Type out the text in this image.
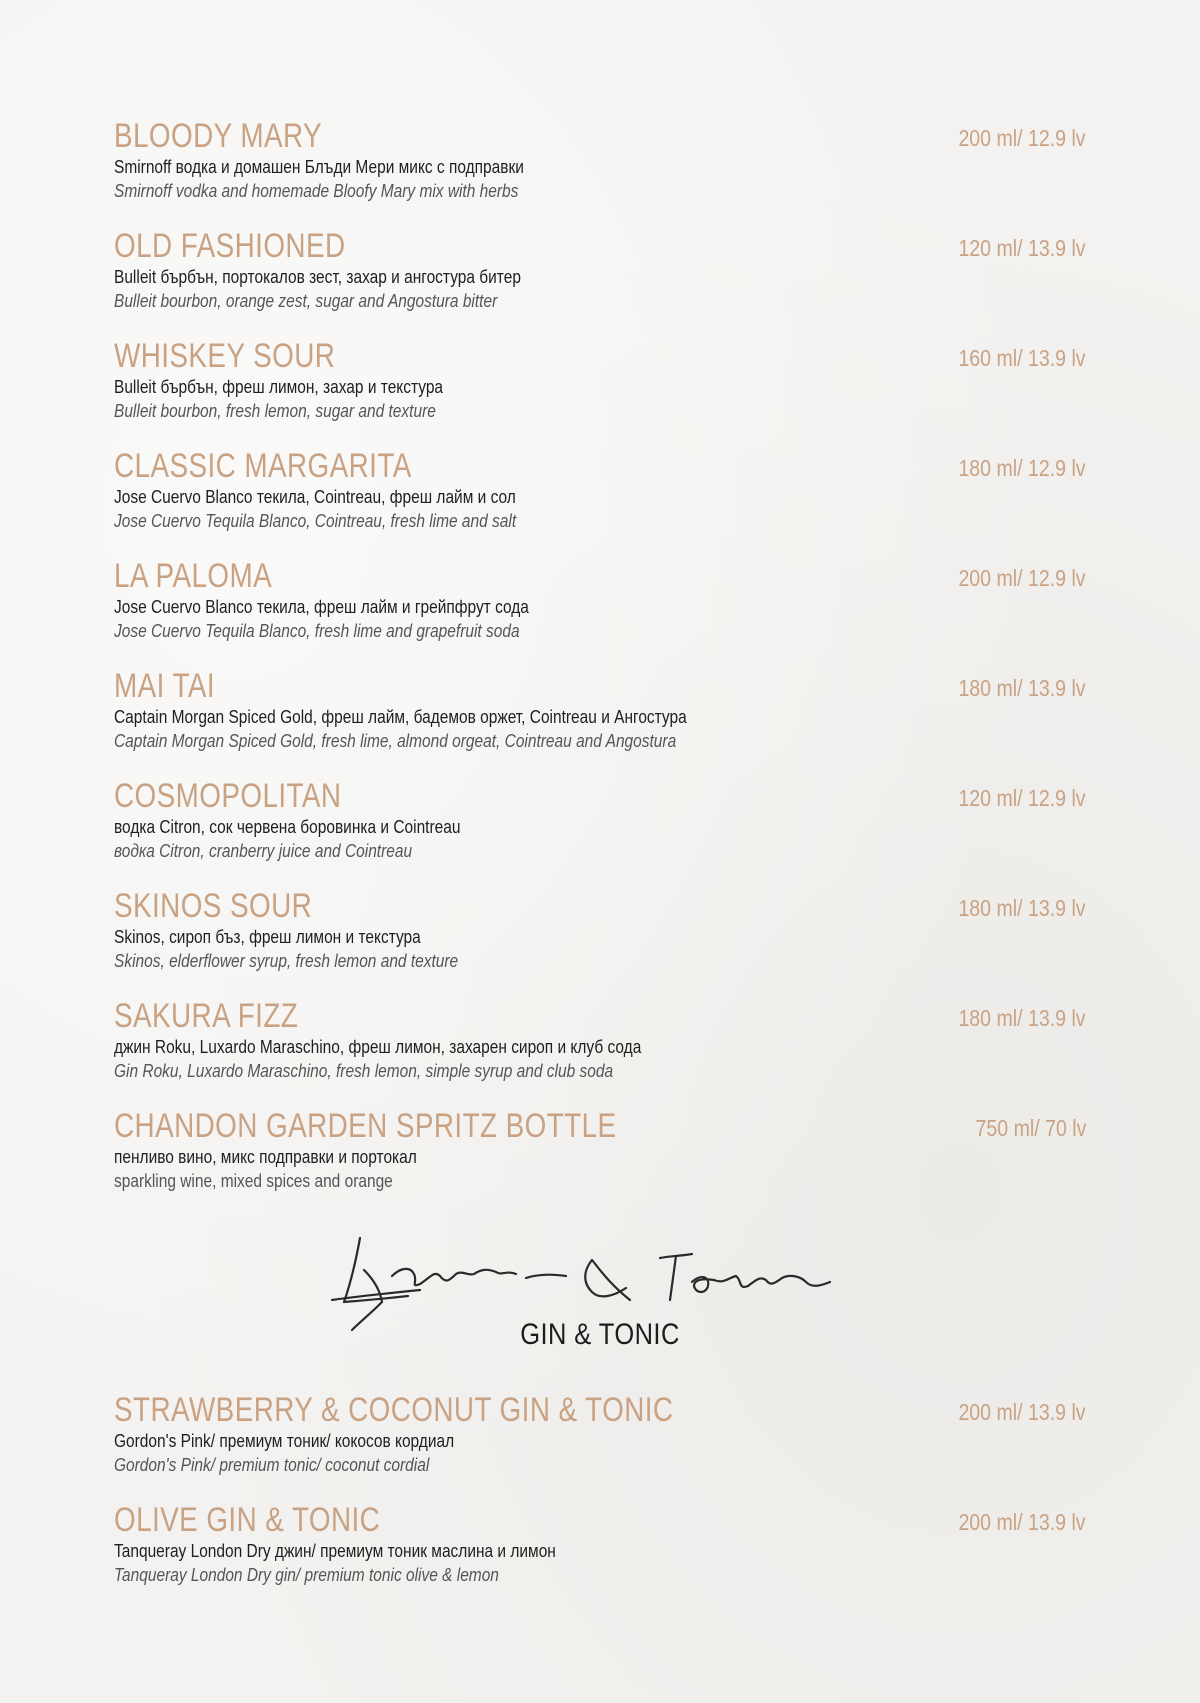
BLOODY MARY	200 ml/ 12.9 lv
Smirnoff водка и домашен Блъди Мери микс с подправки
Smirnoff vodka and homemade Bloofy Mary mix with herbs
OLD FASHIONED	120 ml/ 13.9 lv
Bulleit бърбън, портокалов зест, захар и ангостура битер
Bulleit bourbon, orange zest, sugar and Angostura bitter
WHISKEY SOUR	160 ml/ 13.9 lv
Bulleit бърбън, фреш лимон, захар и текстура
Bulleit bourbon, fresh lemon, sugar and texture
CLASSIC MARGARITA	180 ml/ 12.9 lv
Jose Cuervo Blanco текила, Cointreau, фреш лайм и сол
Jose Cuervo Tequila Blanco, Cointreau, fresh lime and salt
LA PALOMA	200 ml/ 12.9 lv
Jose Cuervo Blanco текила, фреш лайм и грейпфрут сода
Jose Cuervo Tequila Blanco, fresh lime and grapefruit soda
MAI TAI	180 ml/ 13.9 lv
Captain Morgan Spiced Gold, фреш лайм, бадемов оржет, Cointreau и Ангостура
Captain Morgan Spiced Gold, fresh lime, almond orgeat, Cointreau and Angostura
COSMOPOLITAN	120 ml/ 12.9 lv
водка Citron, сок червена боровинка и Cointreau
водка Citron, cranberry juice and Cointreau
SKINOS SOUR	180 ml/ 13.9 lv
Skinos, сироп бъз, фреш лимон и текстура
Skinos, elderflower syrup, fresh lemon and texture
SAKURA FIZZ	180 ml/ 13.9 lv
джин Roku, Luxardo Maraschino, фреш лимон, захарен сироп и клуб сода
Gin Roku, Luxardo Maraschino, fresh lemon, simple syrup and club soda
CHANDON GARDEN SPRITZ BOTTLE	750 ml/ 70 lv
пенливо вино, микс подправки и портокал
sparkling wine, mixed spices and orange
GIN & TONIC
STRAWBERRY & COCONUT GIN & TONIC	200 ml/ 13.9 lv
Gordon's Pink/ премиум тоник/ кокосов кордиал
Gordon's Pink/ premium tonic/ coconut cordial
OLIVE GIN & TONIC	200 ml/ 13.9 lv
Tanqueray London Dry джин/ премиум тоник маслина и лимон
Tanqueray London Dry gin/ premium tonic olive & lemon
